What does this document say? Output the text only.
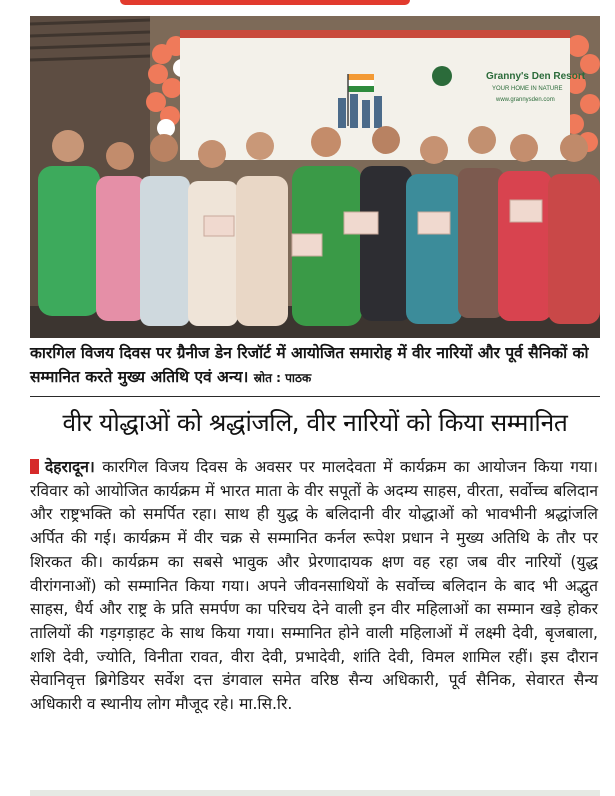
Granny's Den Resort
YOUR HOME IN NATURE
www.grannysden.com
कारगिल विजय दिवस पर ग्रैनीज डेन रिजॉर्ट में आयोजित समारोह में वीर नारियों और पूर्व सैनिकों को सम्मानित करते मुख्य अतिथि एवं अन्य। स्रोत : पाठक
वीर योद्धाओं को श्रद्धांजलि, वीर नारियों को किया सम्मानित
देहरादून। कारगिल विजय दिवस के अवसर पर मालदेवता में कार्यक्रम का आयोजन किया गया। रविवार को आयोजित कार्यक्रम में भारत माता के वीर सपूतों के अदम्य साहस, वीरता, सर्वोच्च बलिदान और राष्ट्रभक्ति को समर्पित रहा। साथ ही युद्ध के बलिदानी वीर योद्धाओं को भावभीनी श्रद्धांजलि अर्पित की गई। कार्यक्रम में वीर चक्र से सम्मानित कर्नल रूपेश प्रधान ने मुख्य अतिथि के तौर पर शिरकत की। कार्यक्रम का सबसे भावुक और प्रेरणादायक क्षण वह रहा जब वीर नारियों (युद्ध वीरांगनाओं) को सम्मानित किया गया। अपने जीवनसाथियों के सर्वोच्च बलिदान के बाद भी अद्भुत साहस, धैर्य और राष्ट्र के प्रति समर्पण का परिचय देने वाली इन वीर महिलाओं का सम्मान खड़े होकर तालियों की गड़गड़ाहट के साथ किया गया। सम्मानित होने वाली महिलाओं में लक्ष्मी देवी, बृजबाला, शशि देवी, ज्योति, विनीता रावत, वीरा देवी, प्रभादेवी, शांति देवी, विमल शामिल रहीं। इस दौरान सेवानिवृत्त ब्रिगेडियर सर्वेश दत्त डंगवाल समेत वरिष्ठ सैन्य अधिकारी, पूर्व सैनिक, सेवारत सैन्य अधिकारी व स्थानीय लोग मौजूद रहे। मा.सि.रि.
